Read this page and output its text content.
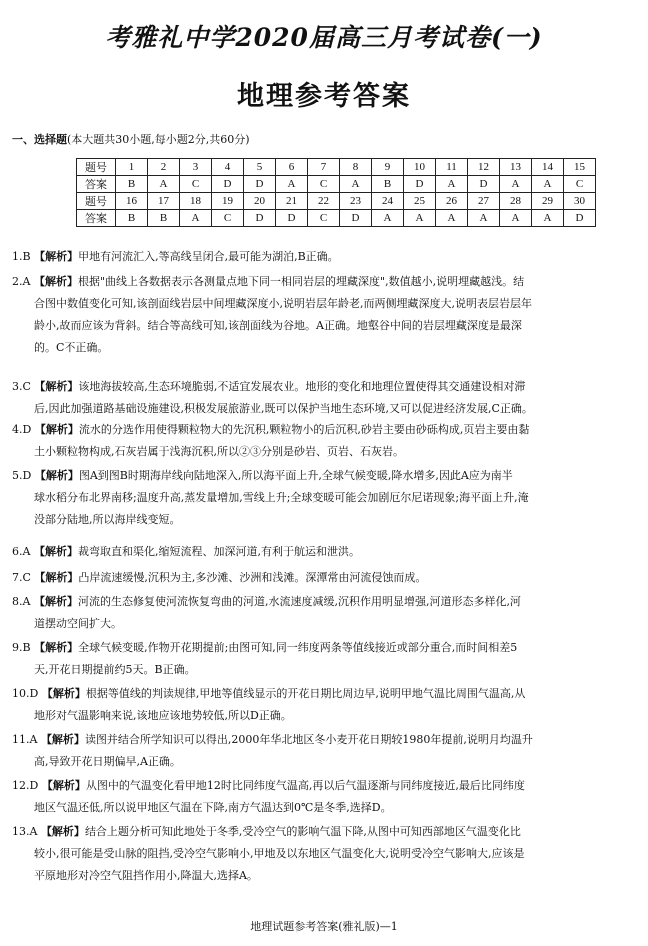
考雅礼中学2020届高三月考试卷(一)
地理参考答案
一、选择题(本大题共30小题,每小题2分,共60分)
题号	1	2	3	4	5	6	7	8	9	10	11	12	13	14	15
答案	B	A	C	D	D	A	C	A	B	D	A	D	A	A	C
题号	16	17	18	19	20	21	22	23	24	25	26	27	28	29	30
答案	B	B	A	C	D	D	C	D	A	A	A	A	A	A	D
1.B 【解析】甲地有河流汇入,等高线呈闭合,最可能为湖泊,B正确。
2.A 【解析】根据"曲线上各数据表示各测量点地下同一相同岩层的埋藏深度",数值越小,说明埋藏越浅。结
合图中数值变化可知,该剖面线岩层中间埋藏深度小,说明岩层年龄老,而两侧埋藏深度大,说明表层岩层年
龄小,故而应该为背斜。结合等高线可知,该剖面线为谷地。A正确。地壑谷中间的岩层埋藏深度是最深
的。C不正确。
3.C 【解析】该地海拔较高,生态环境脆弱,不适宜发展农业。地形的变化和地理位置使得其交通建设相对滞
后,因此加强道路基础设施建设,积极发展旅游业,既可以保护当地生态环境,又可以促进经济发展,C正确。
4.D 【解析】流水的分选作用使得颗粒物大的先沉积,颗粒物小的后沉积,砂岩主要由砂砾构成,页岩主要由黏
土小颗粒物构成,石灰岩属于浅海沉积,所以②③分别是砂岩、页岩、石灰岩。
5.D 【解析】图A到图B时期海岸线向陆地深入,所以海平面上升,全球气候变暖,降水增多,因此A应为南半
球水稻分布北界南移;温度升高,蒸发量增加,雪线上升;全球变暖可能会加剧厄尔尼诺现象;海平面上升,淹
没部分陆地,所以海岸线变短。
6.A 【解析】裁弯取直和渠化,缩短流程、加深河道,有利于航运和泄洪。
7.C 【解析】凸岸流速缓慢,沉积为主,多沙滩、沙洲和浅滩。深潭常由河流侵蚀而成。
8.A 【解析】河流的生态修复使河流恢复弯曲的河道,水流速度减缓,沉积作用明显增强,河道形态多样化,河
道摆动空间扩大。
9.B 【解析】全球气候变暖,作物开花期提前;由图可知,同一纬度两条等值线接近或部分重合,而时间相差5
天,开花日期提前约5天。B正确。
10.D 【解析】根据等值线的判读规律,甲地等值线显示的开花日期比周边早,说明甲地气温比周围气温高,从
地形对气温影响来说,该地应该地势较低,所以D正确。
11.A 【解析】读图并结合所学知识可以得出,2000年华北地区冬小麦开花日期较1980年提前,说明月均温升
高,导致开花日期偏早,A正确。
12.D 【解析】从图中的气温变化看甲地12时比同纬度气温高,再以后气温逐渐与同纬度接近,最后比同纬度
地区气温还低,所以说甲地区气温在下降,南方气温达到0℃是冬季,选择D。
13.A 【解析】结合上题分析可知此地处于冬季,受冷空气的影响气温下降,从图中可知西部地区气温变化比
较小,很可能是受山脉的阻挡,受冷空气影响小,甲地及以东地区气温变化大,说明受冷空气影响大,应该是
平原地形对冷空气阻挡作用小,降温大,选择A。
地理试题参考答案(雅礼版)—1
